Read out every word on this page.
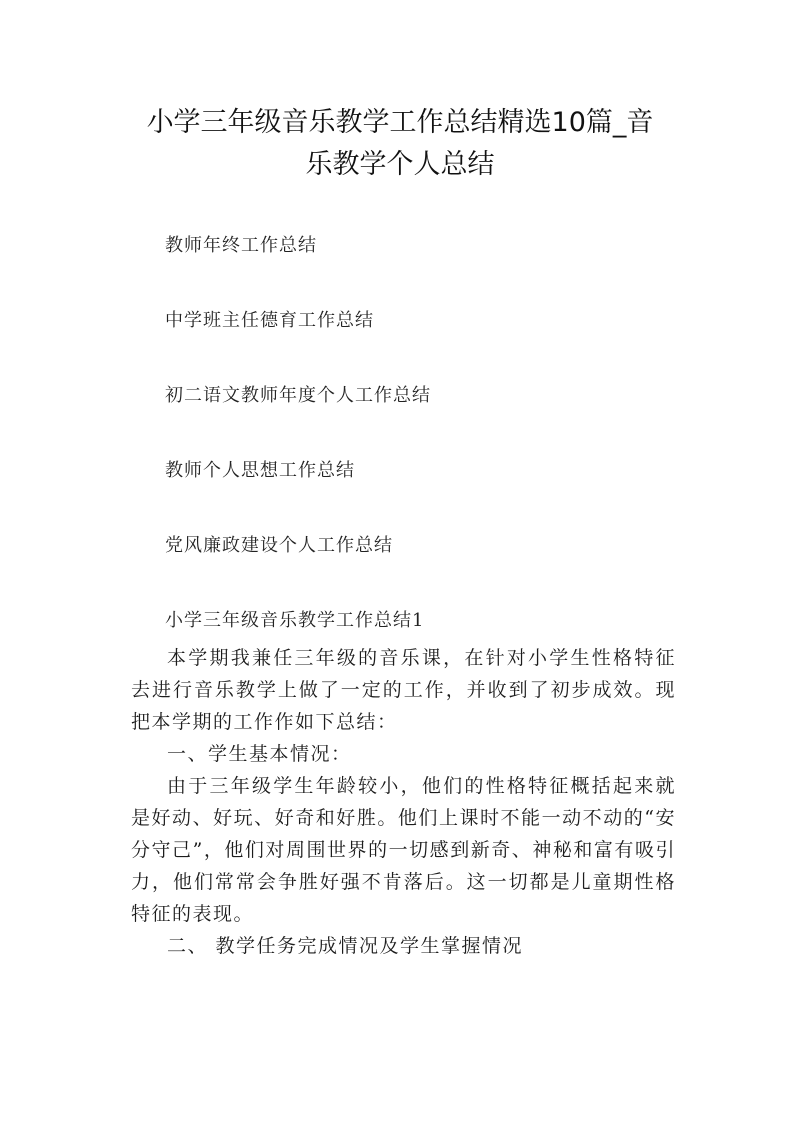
小学三年级音乐教学工作总结精选10篇_音
乐教学个人总结

教师年终工作总结

中学班主任德育工作总结

初二语文教师年度个人工作总结

教师个人思想工作总结

党风廉政建设个人工作总结

小学三年级音乐教学工作总结1

本学期我兼任三年级的音乐课，在针对小学生性格特征去进行音乐教学上做了一定的工作，并收到了初步成效。现把本学期的工作作如下总结：

一、学生基本情况：

由于三年级学生年龄较小，他们的性格特征概括起来就是好动、好玩、好奇和好胜。他们上课时不能一动不动的“安分守己”，他们对周围世界的一切感到新奇、神秘和富有吸引力，他们常常会争胜好强不肯落后。这一切都是儿童期性格特征的表现。

二、 教学任务完成情况及学生掌握情况
